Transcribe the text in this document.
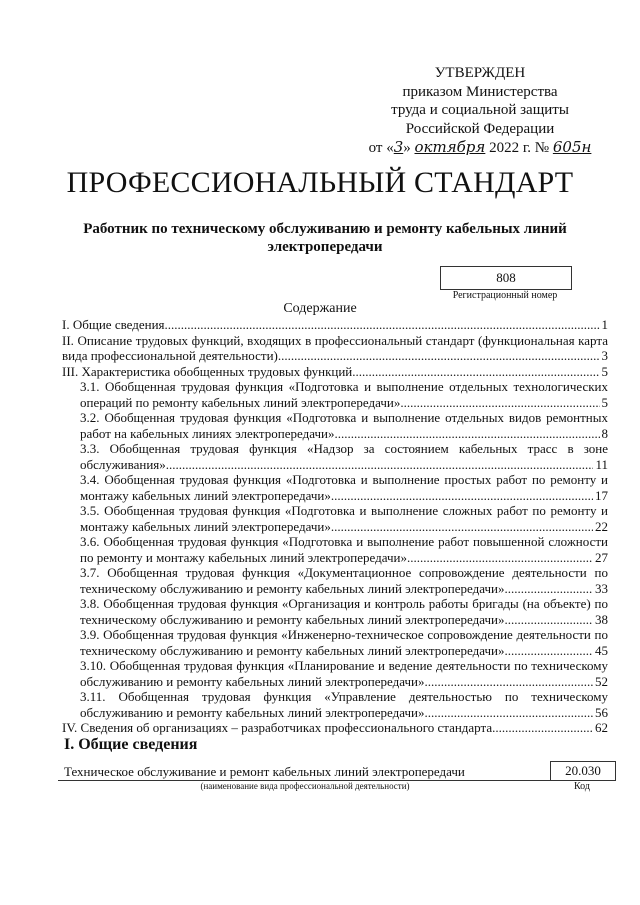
УТВЕРЖДЕН
приказом Министерства
труда и социальной защиты
Российской Федерации
от «3» октября 2022 г. № 605н
ПРОФЕССИОНАЛЬНЫЙ СТАНДАРТ
Работник по техническому обслуживанию и ремонту кабельных линий электропередачи
808
Регистрационный номер
Содержание
I. Общие сведения .....	1
II. Описание трудовых функций, входящих в профессиональный стандарт (функциональная карта
вида профессиональной деятельности) .....	3
III. Характеристика обобщенных трудовых функций .....	5
3.1. Обобщенная трудовая функция «Подготовка и выполнение отдельных технологических
операций по ремонту кабельных линий электропередачи» .....	5
3.2. Обобщенная трудовая функция «Подготовка и выполнение отдельных видов ремонтных
работ на кабельных линиях электропередачи» .....	8
3.3. Обобщенная трудовая функция «Надзор за состоянием кабельных трасс в зоне
обслуживания» .....	11
3.4. Обобщенная трудовая функция «Подготовка и выполнение простых работ по ремонту и
монтажу кабельных линий электропередачи» .....	17
3.5. Обобщенная трудовая функция «Подготовка и выполнение сложных работ по ремонту и
монтажу кабельных линий электропередачи» .....	22
3.6. Обобщенная трудовая функция «Подготовка и выполнение работ повышенной сложности
по ремонту и монтажу кабельных линий электропередачи» .....	27
3.7. Обобщенная трудовая функция «Документационное сопровождение деятельности по
техническому обслуживанию и ремонту кабельных линий электропередачи» .....	33
3.8. Обобщенная трудовая функция «Организация и контроль работы бригады (на объекте) по
техническому обслуживанию и ремонту кабельных линий электропередачи» .....	38
3.9. Обобщенная трудовая функция «Инженерно-техническое сопровождение деятельности по
техническому обслуживанию и ремонту кабельных линий электропередачи» .....	45
3.10. Обобщенная трудовая функция «Планирование и ведение деятельности по техническому
обслуживанию и ремонту кабельных линий электропередачи» .....	52
3.11. Обобщенная трудовая функция «Управление деятельностью по техническому
обслуживанию и ремонту кабельных линий электропередачи» .....	56
IV. Сведения об организациях – разработчиках профессионального стандарта .....	62
I. Общие сведения
Техническое обслуживание и ремонт кабельных линий электропередачи
(наименование вида профессиональной деятельности)
20.030
Код
